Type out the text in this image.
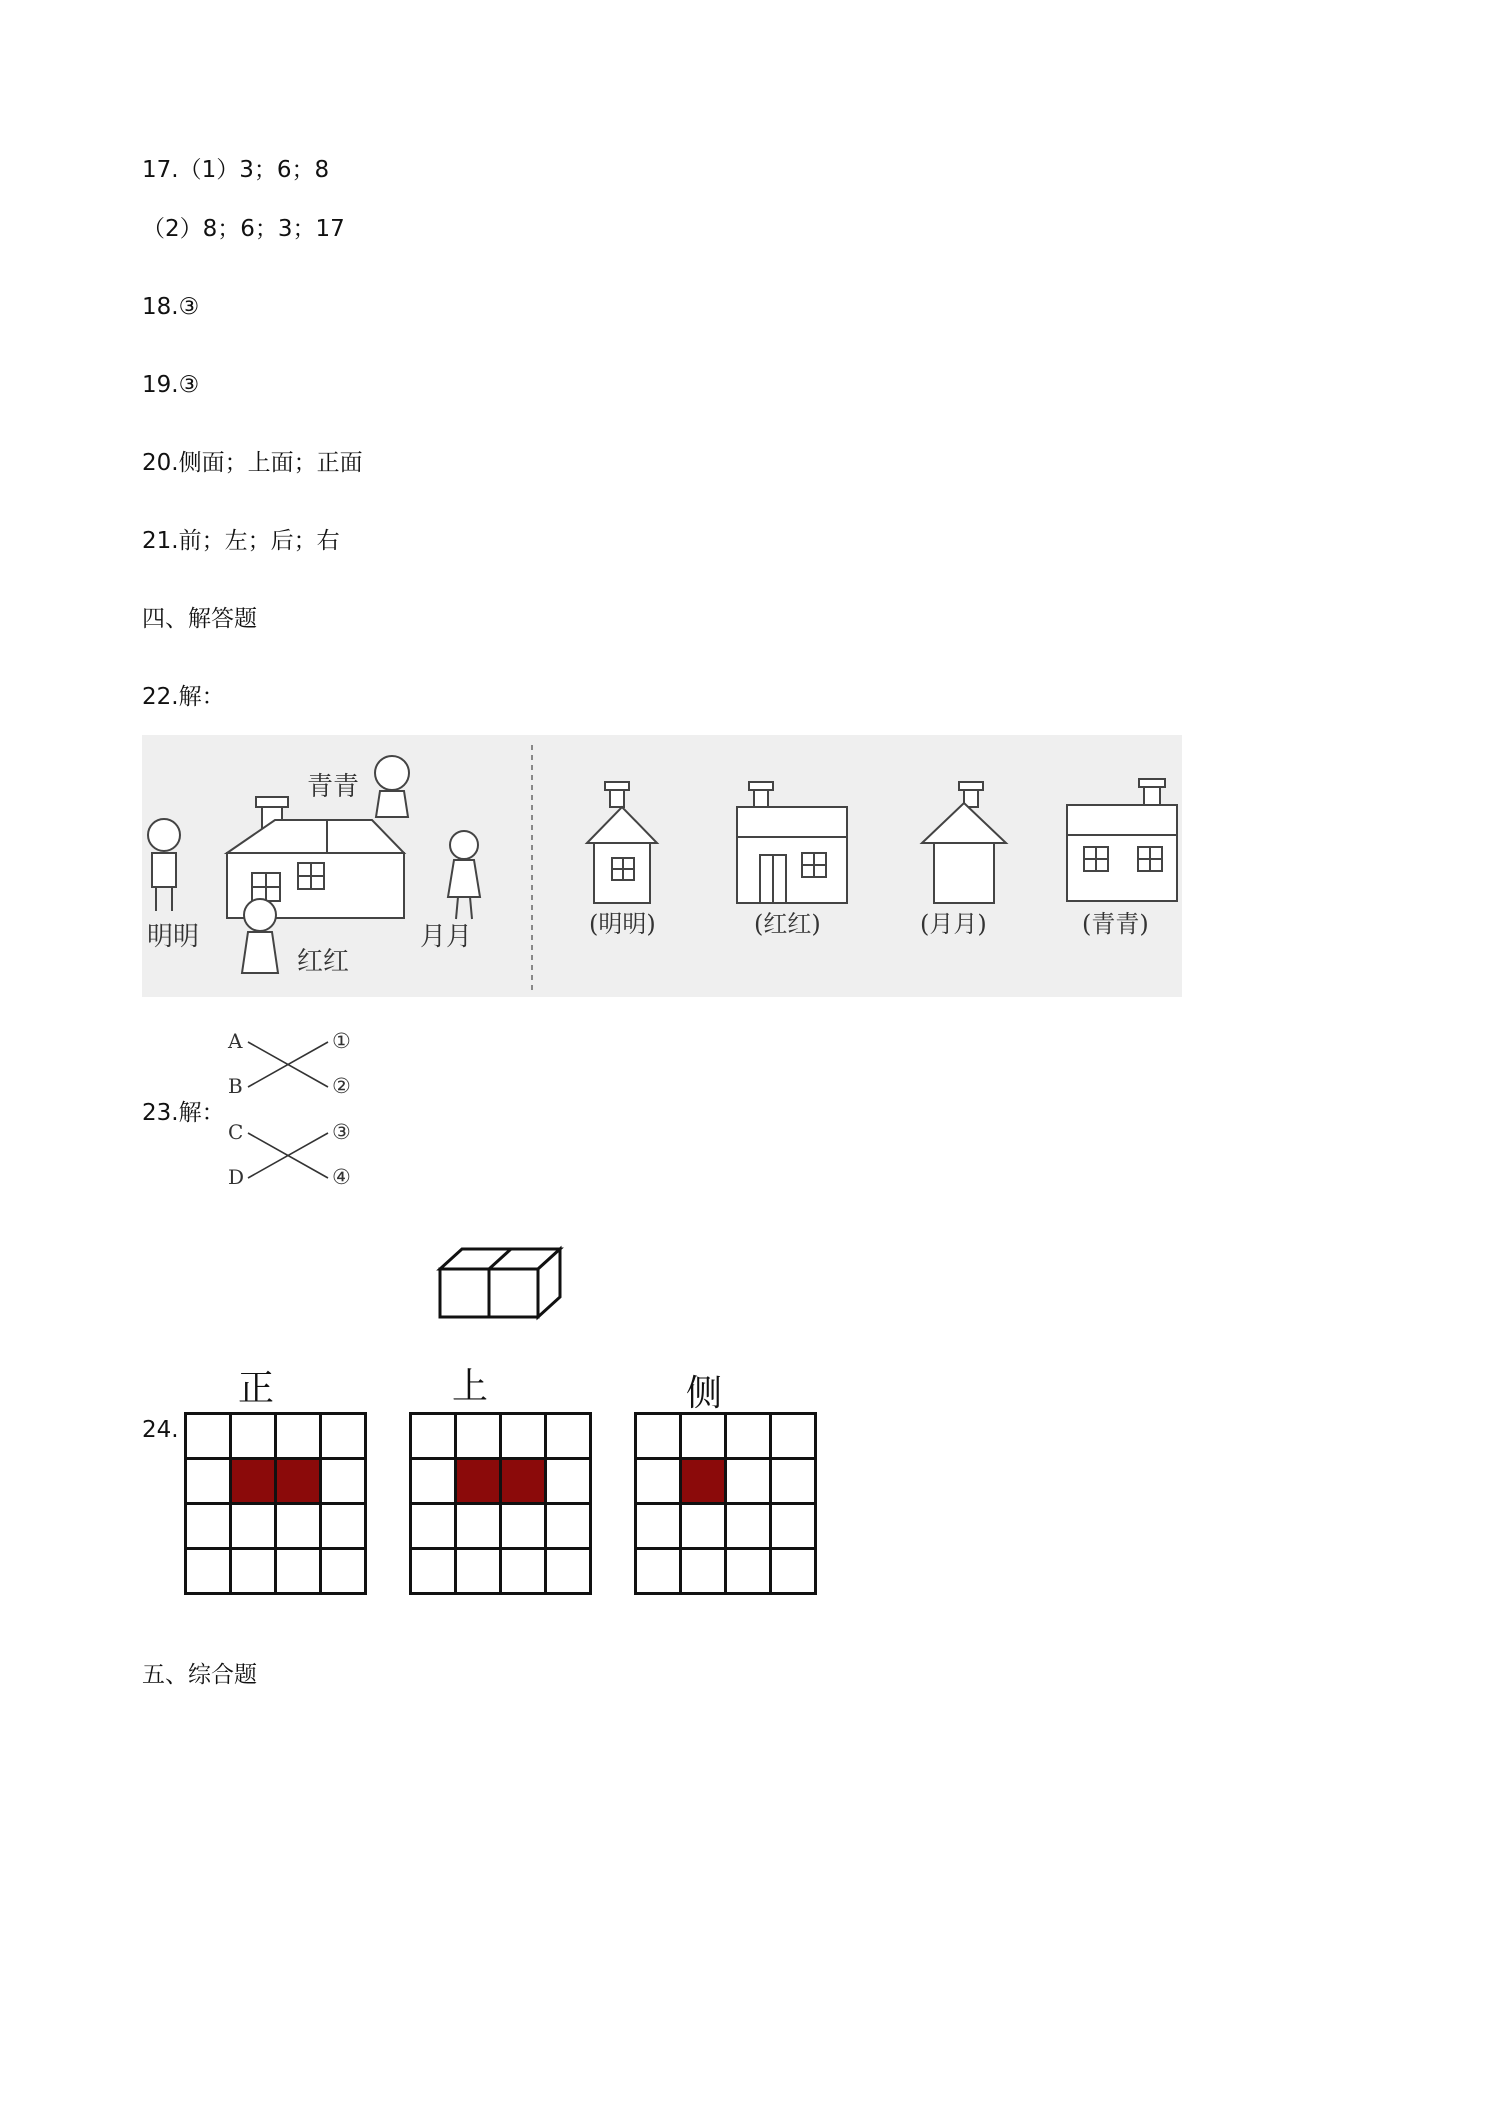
17.（1）3；6；8
（2）8；6；3；17
18.③
19.③
20.侧面；上面；正面
21.前；左；后；右
四、解答题
22.解：
青青
明明
红红
月月	(明明)	(红红)	(月月)	(青青)
23.解：
A
B
C
D
①
②
③
④
24.
正	上	侧
五、综合题
